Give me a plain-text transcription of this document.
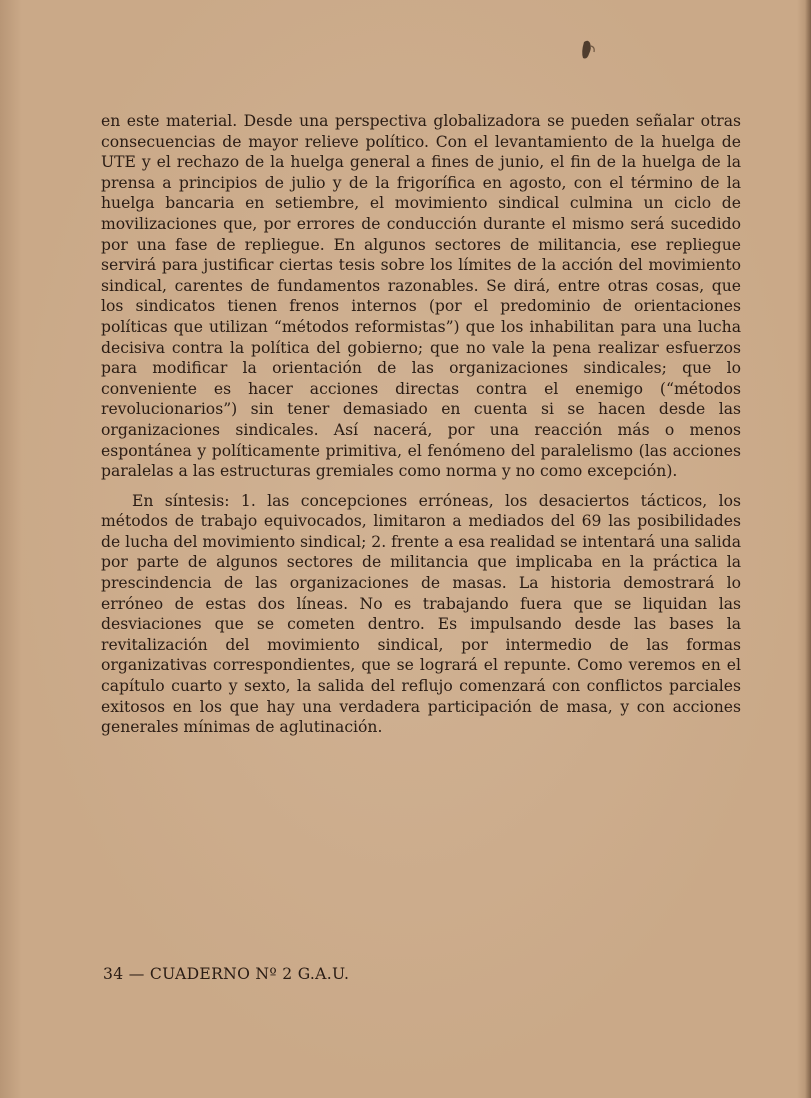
en este material. Desde una perspectiva globalizadora se pueden señalar otras consecuencias de mayor relieve político. Con el levantamiento de la huelga de UTE y el rechazo de la huelga general a fines de junio, el fin de la huelga de la prensa a principios de julio y de la frigorífica en agosto, con el término de la huelga bancaria en setiembre, el movimiento sindical culmina un ciclo de movilizaciones que, por errores de conducción durante el mismo será sucedido por una fase de repliegue. En algunos sectores de militancia, ese repliegue servirá para justificar ciertas tesis sobre los límites de la acción del movimiento sindical, carentes de fundamentos razonables. Se dirá, entre otras cosas, que los sindicatos tienen frenos internos (por el predominio de orientaciones políticas que utilizan “métodos reformistas”) que los inhabilitan para una lucha decisiva contra la política del gobierno; que no vale la pena realizar esfuerzos para modificar la orientación de las organizaciones sindicales; que lo conveniente es hacer acciones directas contra el enemigo (“métodos revolucionarios”) sin tener demasiado en cuenta si se hacen desde las organizaciones sindicales. Así nacerá, por una reacción más o menos espontánea y políticamente primitiva, el fenómeno del paralelismo (las acciones paralelas a las estructuras gremiales como norma y no como excepción).

En síntesis: 1. las concepciones erróneas, los desaciertos tácticos, los métodos de trabajo equivocados, limitaron a mediados del 69 las posibilidades de lucha del movimiento sindical; 2. frente a esa realidad se intentará una salida por parte de algunos sectores de militancia que implicaba en la práctica la prescindencia de las organizaciones de masas. La historia demostrará lo erróneo de estas dos líneas. No es trabajando fuera que se liquidan las desviaciones que se cometen dentro. Es impulsando desde las bases la revitalización del movimiento sindical, por intermedio de las formas organizativas correspondientes, que se logrará el repunte. Como veremos en el capítulo cuarto y sexto, la salida del reflujo comenzará con conflictos parciales exitosos en los que hay una verdadera participación de masa, y con acciones generales mínimas de aglutinación.

34 — CUADERNO Nº 2 G.A.U.
